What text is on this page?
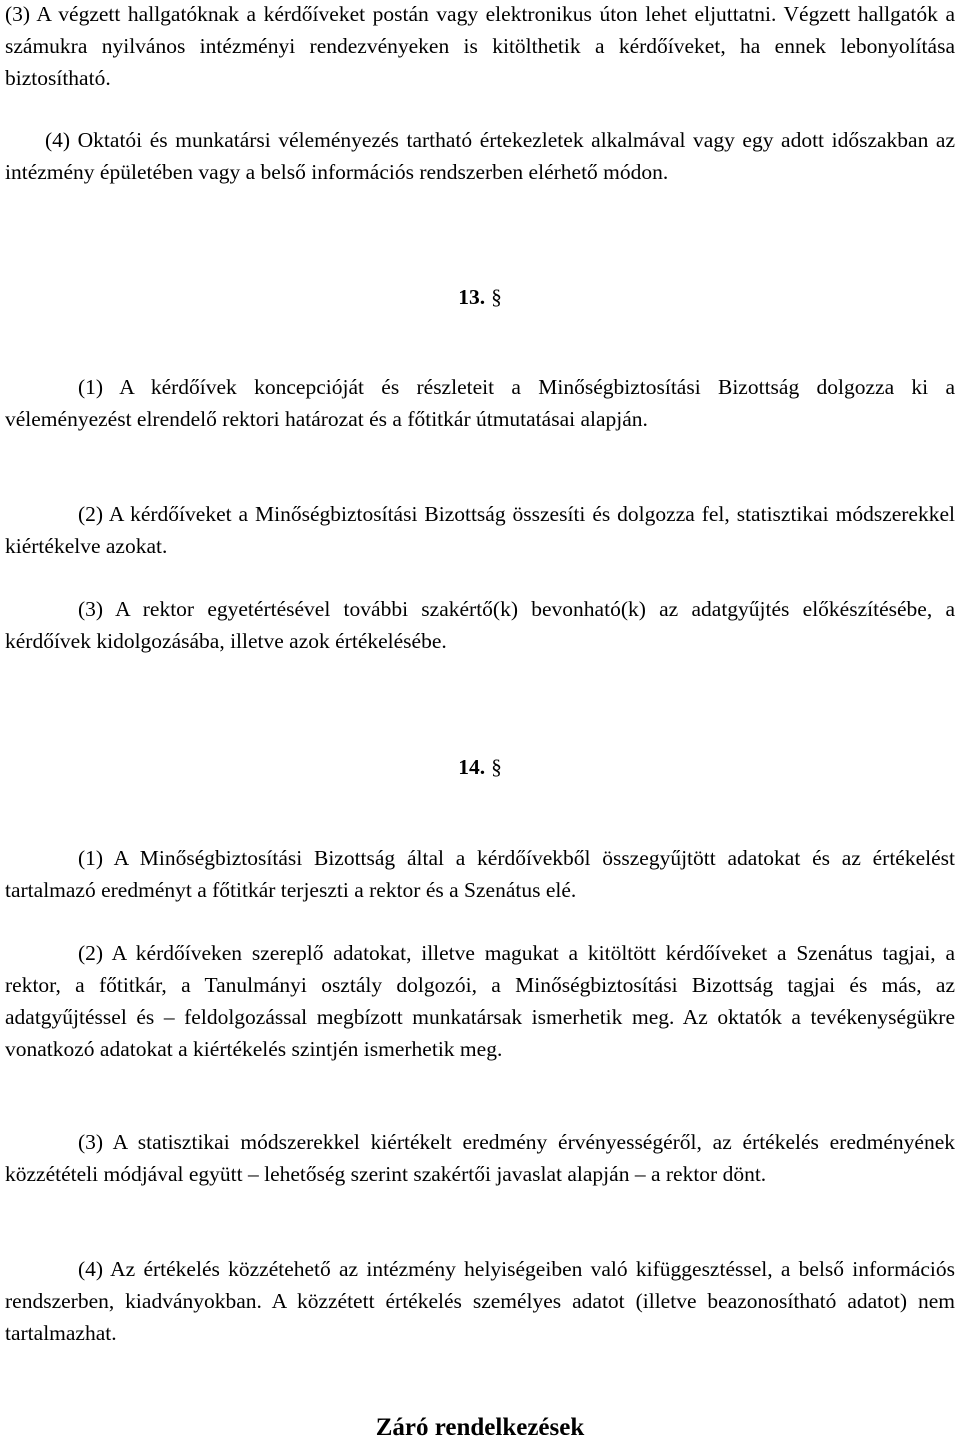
(3) A végzett hallgatóknak a kérdőíveket postán vagy elektronikus úton lehet eljuttatni. Végzett hallgatók a számukra nyilvános intézményi rendezvényeken is kitölthetik a kérdőíveket, ha ennek lebonyolítása biztosítható.

(4) Oktatói és munkatársi véleményezés tartható értekezletek alkalmával vagy egy adott időszakban az intézmény épületében vagy a belső információs rendszerben elérhető módon.

13. §

(1) A kérdőívek koncepcióját és részleteit a Minőségbiztosítási Bizottság dolgozza ki a véleményezést elrendelő rektori határozat és a főtitkár útmutatásai alapján.

(2) A kérdőíveket a Minőségbiztosítási Bizottság összesíti és dolgozza fel, statisztikai módszerekkel kiértékelve azokat.

(3) A rektor egyetértésével további szakértő(k) bevonható(k) az adatgyűjtés előkészítésébe, a kérdőívek kidolgozásába, illetve azok értékelésébe.

14. §

(1) A Minőségbiztosítási Bizottság által a kérdőívekből összegyűjtött adatokat és az értékelést tartalmazó eredményt a főtitkár terjeszti a rektor és a Szenátus elé.

(2) A kérdőíveken szereplő adatokat, illetve magukat a kitöltött kérdőíveket a Szenátus tagjai, a rektor, a főtitkár, a Tanulmányi osztály dolgozói, a Minőségbiztosítási Bizottság tagjai és más, az adatgyűjtéssel és – feldolgozással megbízott munkatársak ismerhetik meg. Az oktatók a tevékenységükre vonatkozó adatokat a kiértékelés szintjén ismerhetik meg.

(3) A statisztikai módszerekkel kiértékelt eredmény érvényességéről, az értékelés eredményének közzétételi módjával együtt – lehetőség szerint szakértői javaslat alapján – a rektor dönt.

(4) Az értékelés közzétehető az intézmény helyiségeiben való kifüggesztéssel, a belső információs rendszerben, kiadványokban. A közzétett értékelés személyes adatot (illetve beazonosítható adatot) nem tartalmazhat.

Záró rendelkezések
